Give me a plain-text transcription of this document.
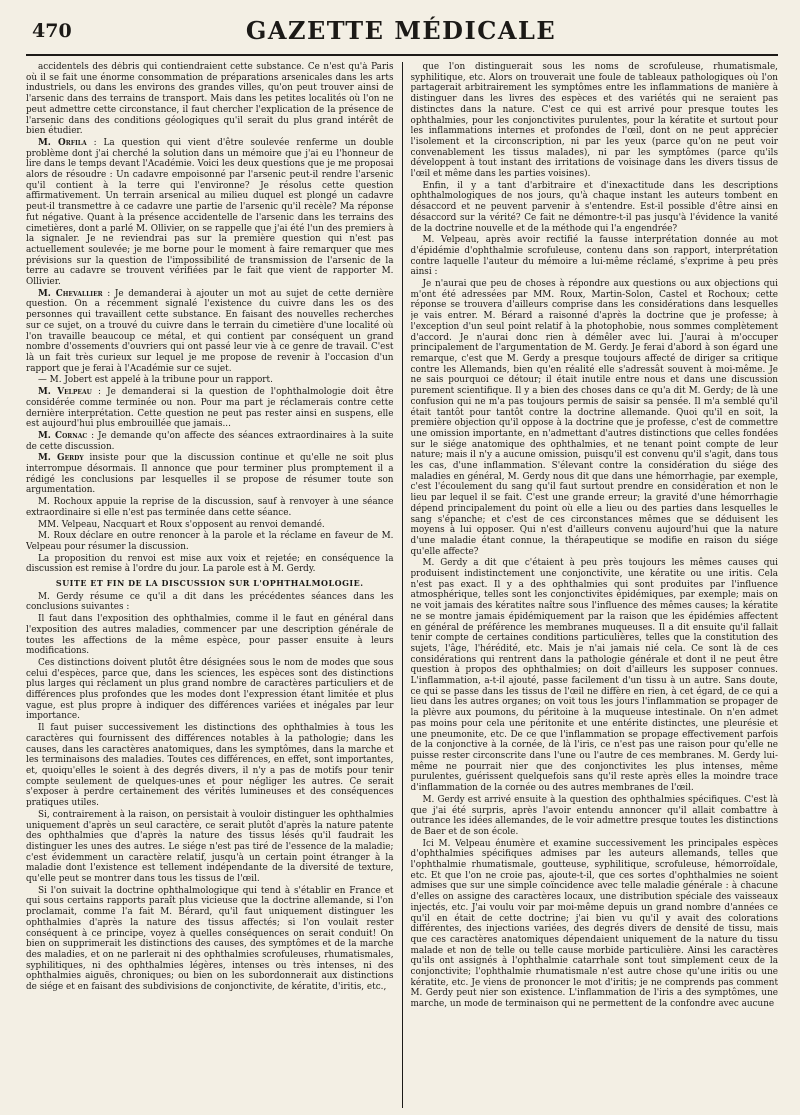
470	GAZETTE MÉDICALE

accidentels des débris qui contiendraient cette substance. Ce n'est qu'à Paris où il se fait une énorme consommation de préparations arsenicales dans les arts industriels, ou dans les environs des grandes villes, qu'on peut trouver ainsi de l'arsenic dans des terrains de transport. Mais dans les petites localités où l'on ne peut admettre cette circonstance, il faut chercher l'explication de la présence de l'arsenic dans des conditions géologiques qu'il serait du plus grand intérêt de bien étudier.

M. Orfila : La question qui vient d'être soulevée renferme un double problème dont j'ai cherché la solution dans un mémoire que j'ai eu l'honneur de lire dans le temps devant l'Académie. Voici les deux questions que je me proposai alors de résoudre : Un cadavre empoisonné par l'arsenic peut-il rendre l'arsenic qu'il contient à la terre qui l'environne? Je résolus cette question affirmativement. Un terrain arsenical au milieu duquel est plongé un cadavre peut-il transmettre à ce cadavre une partie de l'arsenic qu'il recèle? Ma réponse fut négative. Quant à la présence accidentelle de l'arsenic dans les terrains des cimetières, dont a parlé M. Ollivier, on se rappelle que j'ai été l'un des premiers à la signaler. Je ne reviendrai pas sur la première question qui n'est pas actuellement soulevée; je me borne pour le moment à faire remarquer que mes prévisions sur la question de l'impossibilité de transmission de l'arsenic de la terre au cadavre se trouvent vérifiées par le fait que vient de rapporter M. Ollivier.

M. Chevallier : Je demanderai à ajouter un mot au sujet de cette dernière question. On a récemment signalé l'existence du cuivre dans les os des personnes qui travaillent cette substance. En faisant des nouvelles recherches sur ce sujet, on a trouvé du cuivre dans le terrain du cimetière d'une localité où l'on travaille beaucoup ce métal, et qui contient par conséquent un grand nombre d'ossements d'ouvriers qui ont passé leur vie à ce genre de travail. C'est là un fait très curieux sur lequel je me propose de revenir à l'occasion d'un rapport que je ferai à l'Académie sur ce sujet.

— M. Jobert est appelé à la tribune pour un rapport.

M. Velpeau : Je demanderai si la question de l'ophthalmologie doit être considérée comme terminée ou non. Pour ma part je réclamerais contre cette dernière interprétation. Cette question ne peut pas rester ainsi en suspens, elle est aujourd'hui plus embrouillée que jamais...

M. Cornac : Je demande qu'on affecte des séances extraordinaires à la suite de cette discussion.

M. Gerdy insiste pour que la discussion continue et qu'elle ne soit plus interrompue désormais. Il annonce que pour terminer plus promptement il a rédigé les conclusions par lesquelles il se propose de résumer toute son argumentation.

M. Rochoux appuie la reprise de la discussion, sauf à renvoyer à une séance extraordinaire si elle n'est pas terminée dans cette séance.

MM. Velpeau, Nacquart et Roux s'opposent au renvoi demandé.

M. Roux déclare en outre renoncer à la parole et la réclame en faveur de M. Velpeau pour résumer la discussion.

La proposition du renvoi est mise aux voix et rejetée; en conséquence la discussion est remise à l'ordre du jour. La parole est à M. Gerdy.

SUITE ET FIN DE LA DISCUSSION SUR L'OPHTHALMOLOGIE.

M. Gerdy résume ce qu'il a dit dans les précédentes séances dans les conclusions suivantes :

Il faut dans l'exposition des ophthalmies, comme il le faut en général dans l'exposition des autres maladies, commencer par une description générale de toutes les affections de la même espèce, pour passer ensuite à leurs modifications.

Ces distinctions doivent plutôt être désignées sous le nom de modes que sous celui d'espèces, parce que, dans les sciences, les espèces sont des distinctions plus larges qui réclament un plus grand nombre de caractères particuliers et de différences plus profondes que les modes dont l'expression étant limitée et plus vague, est plus propre à indiquer des différences variées et inégales par leur importance.

Il faut puiser successivement les distinctions des ophthalmies à tous les caractères qui fournissent des différences notables à la pathologie; dans les causes, dans les caractères anatomiques, dans les symptômes, dans la marche et les terminaisons des maladies. Toutes ces différences, en effet, sont importantes, et, quoiqu'elles le soient à des degrés divers, il n'y a pas de motifs pour tenir compte seulement de quelques-unes et pour négliger les autres. Ce serait s'exposer à perdre certainement des vérités lumineuses et des conséquences pratiques utiles.

Si, contrairement à la raison, on persistait à vouloir distinguer les ophthalmies uniquement d'après un seul caractère, ce serait plutôt d'après la nature patente des ophthalmies que d'après la nature des tissus lésés qu'il faudrait les distinguer les unes des autres. Le siége n'est pas tiré de l'essence de la maladie; c'est évidemment un caractère relatif, jusqu'à un certain point étranger à la maladie dont l'existence est tellement indépendante de la diversité de texture, qu'elle peut se montrer dans tous les tissus de l'œil.

Si l'on suivait la doctrine ophthalmologique qui tend à s'établir en France et qui sous certains rapports paraît plus vicieuse que la doctrine allemande, si l'on proclamait, comme l'a fait M. Bérard, qu'il faut uniquement distinguer les ophthalmies d'après la nature des tissus affectés; si l'on voulait rester conséquent à ce principe, voyez à quelles conséquences on serait conduit! On bien on supprimerait les distinctions des causes, des symptômes et de la marche des maladies, et on ne parlerait ni des ophthalmies scrofuleuses, rhumatismales, syphilitiques, ni des ophthalmies légères, intenses ou très intenses, ni des ophthalmies aiguës, chroniques; ou bien on les subordonnerait aux distinctions de siége et en faisant des subdivisions de conjonctivite, de kératite, d'iritis, etc.,

que l'on distinguerait sous les noms de scrofuleuse, rhumatismale, syphilitique, etc. Alors on trouverait une foule de tableaux pathologiques où l'on partagerait arbitrairement les symptômes entre les inflammations de manière à distinguer dans les livres des espèces et des variétés qui ne seraient pas distinctes dans la nature. C'est ce qui est arrivé pour presque toutes les ophthalmies, pour les conjonctivites purulentes, pour la kératite et surtout pour les inflammations internes et profondes de l'œil, dont on ne peut apprécier l'isolement et la circonscription, ni par les yeux (parce qu'on ne peut voir convenablement les tissus malades), ni par les symptômes (parce qu'ils développent à tout instant des irritations de voisinage dans les divers tissus de l'œil et même dans les parties voisines).

Enfin, il y a tant d'arbitraire et d'inexactitude dans les descriptions ophthalmologiques de nos jours, qu'à chaque instant les auteurs tombent en désaccord et ne peuvent parvenir à s'entendre. Est-il possible d'être ainsi en désaccord sur la vérité? Ce fait ne démontre-t-il pas jusqu'à l'évidence la vanité de la doctrine nouvelle et de la méthode qui l'a engendrée?

M. Velpeau, après avoir rectifié la fausse interprétation donnée au mot d'épidémie d'ophthalmie scrofuleuse, contenu dans son rapport, interprétation contre laquelle l'auteur du mémoire a lui-même réclamé, s'exprime à peu près ainsi :

Je n'aurai que peu de choses à répondre aux questions ou aux objections qui m'ont été adressées par MM. Roux, Martin-Solon, Castel et Rochoux; cette réponse se trouvera d'ailleurs comprise dans les considérations dans lesquelles je vais entrer. M. Bérard a raisonné d'après la doctrine que je professe; à l'exception d'un seul point relatif à la photophobie, nous sommes complètement d'accord. Je n'aurai donc rien à démêler avec lui. J'aurai à m'occuper principalement de l'argumentation de M. Gerdy. Je ferai d'abord à son égard une remarque, c'est que M. Gerdy a presque toujours affecté de diriger sa critique contre les Allemands, bien qu'en réalité elle s'adressât souvent à moi-même. Je ne sais pourquoi ce détour; il était inutile entre nous et dans une discussion purement scientifique. Il y a bien des choses dans ce qu'a dit M. Gerdy; de là une confusion qui ne m'a pas toujours permis de saisir sa pensée. Il m'a semblé qu'il était tantôt pour tantôt contre la doctrine allemande. Quoi qu'il en soit, la première objection qu'il oppose à la doctrine que je professe, c'est de commettre une omission importante, en n'admettant d'autres distinctions que celles fondées sur le siége anatomique des ophthalmies, et ne tenant point compte de leur nature; mais il n'y a aucune omission, puisqu'il est convenu qu'il s'agit, dans tous les cas, d'une inflammation. S'élevant contre la considération du siége des maladies en général, M. Gerdy nous dit que dans une hémorrhagie, par exemple, c'est l'écoulement du sang qu'il faut surtout prendre en considération et non le lieu par lequel il se fait. C'est une grande erreur; la gravité d'une hémorrhagie dépend principalement du point où elle a lieu ou des parties dans lesquelles le sang s'épanche; et c'est de ces circonstances mêmes que se déduisent les moyens à lui opposer. Qui n'est d'ailleurs convenu aujourd'hui que la nature d'une maladie étant connue, la thérapeutique se modifie en raison du siége qu'elle affecte?

M. Gerdy a dit que c'étaient à peu près toujours les mêmes causes qui produisent indistinctement une conjonctivite, une kératite ou une iritis. Cela n'est pas exact. Il y a des ophthalmies qui sont produites par l'influence atmosphérique, telles sont les conjonctivites épidémiques, par exemple; mais on ne voit jamais des kératites naître sous l'influence des mêmes causes; la kératite ne se montre jamais épidémiquement par la raison que les épidémies affectent en général de préférence les membranes muqueuses. Il a dit ensuite qu'il fallait tenir compte de certaines conditions particulières, telles que la constitution des sujets, l'âge, l'hérédité, etc. Mais je n'ai jamais nié cela. Ce sont là de ces considérations qui rentrent dans la pathologie générale et dont il ne peut être question à propos des ophthalmies; on doit d'ailleurs les supposer connues. L'inflammation, a-t-il ajouté, passe facilement d'un tissu à un autre. Sans doute, ce qui se passe dans les tissus de l'œil ne diffère en rien, à cet égard, de ce qui a lieu dans les autres organes; on voit tous les jours l'inflammation se propager de la plèvre aux poumons, du péritoine à la muqueuse intestinale. On n'en admet pas moins pour cela une péritonite et une entérite distinctes, une pleurésie et une pneumonite, etc. De ce que l'inflammation se propage effectivement parfois de la conjonctive à la cornée, de là l'iris, ce n'est pas une raison pour qu'elle ne puisse rester circonscrite dans l'une ou l'autre de ces membranes. M. Gerdy lui-même ne pourrait nier que des conjonctivites les plus intenses, même purulentes, guérissent quelquefois sans qu'il reste après elles la moindre trace d'inflammation de la cornée ou des autres membranes de l'œil.

M. Gerdy est arrivé ensuite à la question des ophthalmies spécifiques. C'est là que j'ai été surpris, après l'avoir entendu annoncer qu'il allait combattre à outrance les idées allemandes, de le voir admettre presque toutes les distinctions de Baer et de son école.

Ici M. Velpeau énumère et examine successivement les principales espèces d'ophthalmies spécifiques admises par les auteurs allemands, telles que l'ophthalmie rhumatismale, goutteuse, syphilitique, scrofuleuse, hémorroïdale, etc. Et que l'on ne croie pas, ajoute-t-il, que ces sortes d'ophthalmies ne soient admises que sur une simple coïncidence avec telle maladie générale : à chacune d'elles on assigne des caractères locaux, une distribution spéciale des vaisseaux injectés, etc. J'ai voulu voir par moi-même depuis un grand nombre d'années ce qu'il en était de cette doctrine; j'ai bien vu qu'il y avait des colorations différentes, des injections variées, des degrés divers de densité de tissu, mais que ces caractères anatomiques dépendaient uniquement de la nature du tissu malade et non de telle ou telle cause morbide particulière. Ainsi les caractères qu'ils ont assignés à l'ophthalmie catarrhale sont tout simplement ceux de la conjonctivite; l'ophthalmie rhumatismale n'est autre chose qu'une iritis ou une kératite, etc. Je viens de prononcer le mot d'iritis; je ne comprends pas comment M. Gerdy peut nier son existence. L'inflammation de l'iris a des symptômes, une marche, un mode de terminaison qui ne permettent de la confondre avec aucune
